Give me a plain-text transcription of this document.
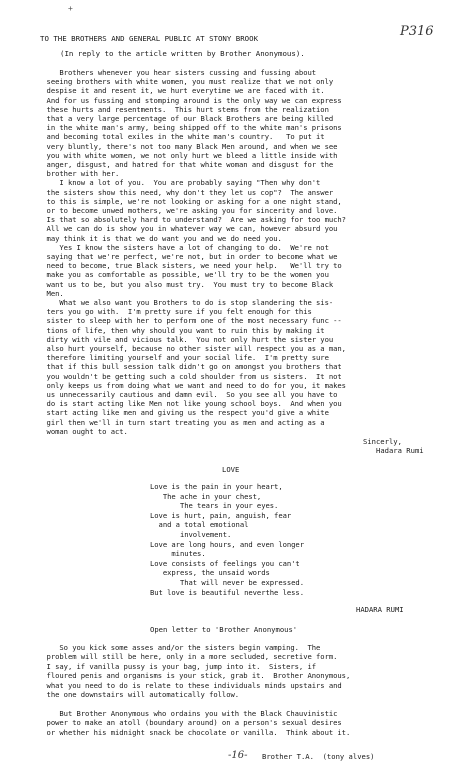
+
P316
TO THE BROTHERS AND GENERAL PUBLIC AT STONY BROOK
(In reply to the article written by Brother Anonymous).
Brothers whenever you hear sisters cussing and fussing about
seeing brothers with white women, you must realize that we not only
despise it and resent it, we hurt everytime we are faced with it.
And for us fussing and stomping around is the only way we can express
these hurts and resentments.  This hurt stems from the realization
that a very large percentage of our Black Brothers are being killed
in the white man's army, being shipped off to the white man's prisons
and becoming total exiles in the white man's country.   To put it
very bluntly, there's not too many Black Men around, and when we see
you with white women, we not only hurt we bleed a little inside with
anger, disgust, and hatred for that white woman and disgust for the
brother with her.
I know a lot of you.  You are probably saying "Then why don't
the sisters show this need, why don't they let us cop"?  The answer
to this is simple, we're not looking or asking for a one night stand,
or to become unwed mothers, we're asking you for sincerity and love.
Is that so absolutely hard to understand?  Are we asking for too much?
All we can do is show you in whatever way we can, however absurd you
may think it is that we do want you and we do need you.
Yes I know the sisters have a lot of changing to do.  We're not
saying that we're perfect, we're not, but in order to become what we
need to become, true Black sisters, we need your help.   We'll try to
make you as comfortable as possible, we'll try to be the women you
want us to be, but you also must try.  You must try to become Black
Men.
What we also want you Brothers to do is stop slandering the sis-
ters you go with.  I'm pretty sure if you felt enough for this
sister to sleep with her to perform one of the most necessary func --
tions of life, then why should you want to ruin this by making it
dirty with vile and vicious talk.  You not only hurt the sister you
also hurt yourself, because no other sister will respect you as a man,
therefore limiting yourself and your social life.  I'm pretty sure
that if this bull session talk didn't go on amongst you brothers that
you wouldn't be getting such a cold shoulder from us sisters.  It not
only keeps us from doing what we want and need to do for you, it makes
us unnecessarily cautious and damn evil.  So you see all you have to
do is start acting like Men not like young school boys.  And when you
start acting like men and giving us the respect you'd give a white
girl then we'll in turn start treating you as men and acting as a
woman ought to act.
Sincerly,
Hadara Rumi
LOVE
Love is the pain in your heart,
The ache in your chest,
The tears in your eyes.
Love is hurt, pain, anguish, fear
and a total emotional
involvement.
Love are long hours, and even longer
minutes.
Love consists of feelings you can't
express, the unsaid words
That will never be expressed.
But love is beautiful neverthe less.
HADARA RUMI
Open letter to 'Brother Anonymous'
So you kick some asses and/or the sisters begin vamping.  The
problem will still be here, only in a more secluded, secretive form.
I say, if vanilla pussy is your bag, jump into it.  Sisters, if
floured penis and organisms is your stick, grab it.  Brother Anonymous,
what you need to do is relate to these individuals minds upstairs and
the one downstairs will automatically follow.
But Brother Anonymous who ordains you with the Black Chauvinistic
power to make an atoll (boundary around) on a person's sexual desires
or whether his midnight snack be chocolate or vanilla.  Think about it.
-16- Brother T.A.  (tony alves)
